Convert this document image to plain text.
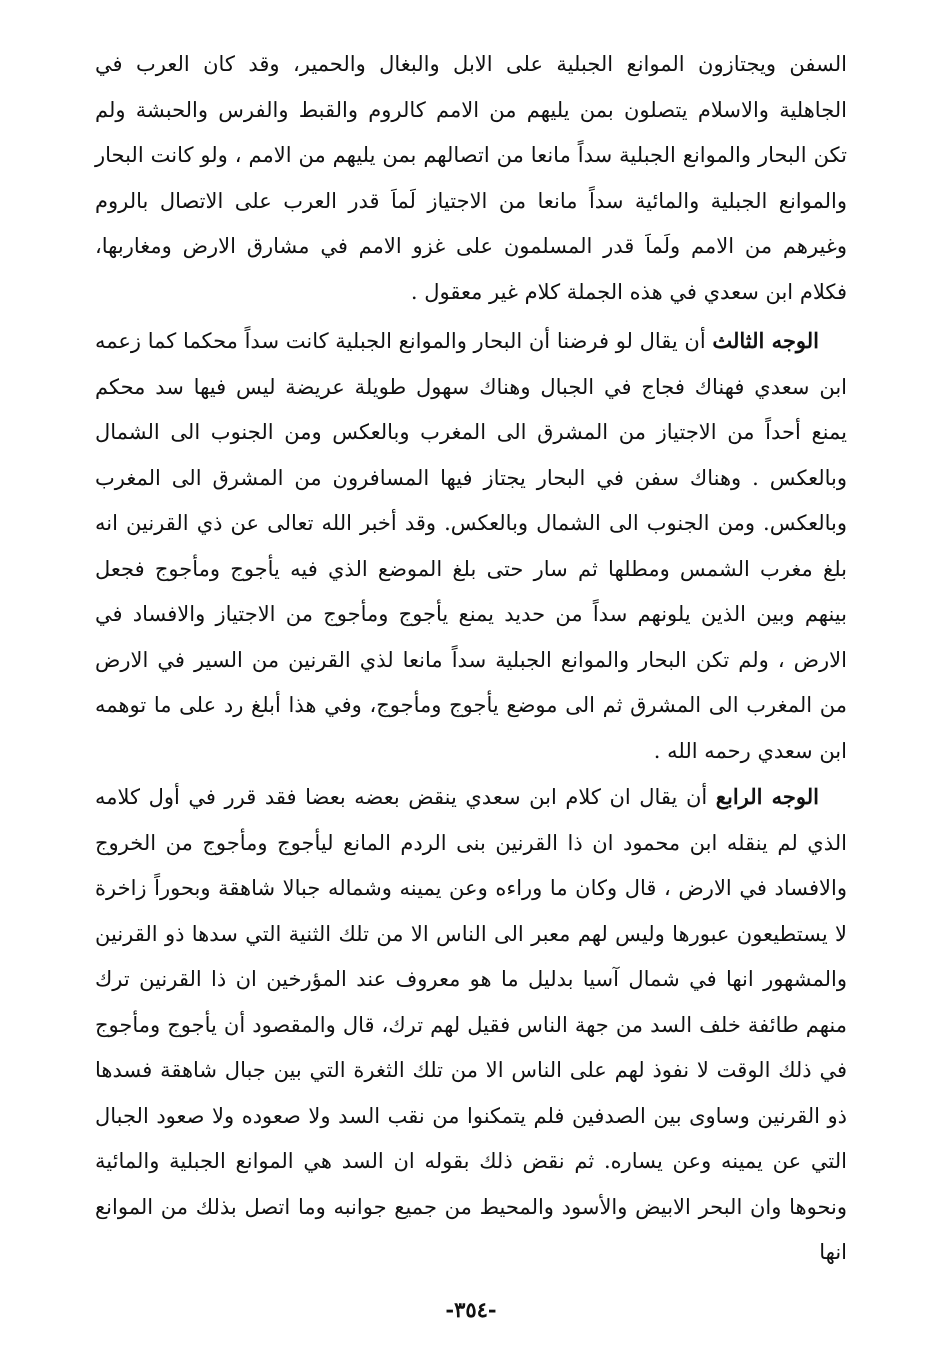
السفن ويجتازون الموانع الجبلية على الابل والبغال والحمير، وقد كان العرب في الجاهلية والاسلام يتصلون بمن يليهم من الامم كالروم والقبط والفرس والحبشة ولم تكن البحار والموانع الجبلية سداً مانعا من اتصالهم بمن يليهم من الامم ، ولو كانت البحار والموانع الجبلية والمائية سداً مانعا من الاجتياز لَماَ قدر العرب على الاتصال بالروم وغيرهم من الامم ولَماَ قدر المسلمون على غزو الامم في مشارق الارض ومغاربها، فكلام ابن سعدي في هذه الجملة كلام غير معقول .

الوجه الثالث أن يقال لو فرضنا أن البحار والموانع الجبلية كانت سداً محكما كما زعمه ابن سعدي فهناك فجاج في الجبال وهناك سهول طويلة عريضة ليس فيها سد محكم يمنع أحداً من الاجتياز من المشرق الى المغرب وبالعكس ومن الجنوب الى الشمال وبالعكس . وهناك سفن في البحار يجتاز فيها المسافرون من المشرق الى المغرب وبالعكس. ومن الجنوب الى الشمال وبالعكس. وقد أخبر الله تعالى عن ذي القرنين انه بلغ مغرب الشمس ومطلها ثم سار حتى بلغ الموضع الذي فيه يأجوج ومأجوج فجعل بينهم وبين الذين يلونهم سداً من حديد يمنع يأجوج ومأجوج من الاجتياز والافساد في الارض ، ولم تكن البحار والموانع الجبلية سداً مانعا لذي القرنين من السير في الارض من المغرب الى المشرق ثم الى موضع يأجوج ومأجوج، وفي هذا أبلغ رد على ما توهمه ابن سعدي رحمه الله .

الوجه الرابع أن يقال ان كلام ابن سعدي ينقض بعضه بعضا فقد قرر في أول كلامه الذي لم ينقله ابن محمود ان ذا القرنين بنى الردم المانع ليأجوج ومأجوج من الخروج والافساد في الارض ، قال وكان ما وراءه وعن يمينه وشماله جبالا شاهقة وبحوراً زاخرة لا يستطيعون عبورها وليس لهم معبر الى الناس الا من تلك الثنية التي سدها ذو القرنين والمشهور انها في شمال آسيا بدليل ما هو معروف عند المؤرخين ان ذا القرنين ترك منهم طائفة خلف السد من جهة الناس فقيل لهم ترك، قال والمقصود أن يأجوج ومأجوج في ذلك الوقت لا نفوذ لهم على الناس الا من تلك الثغرة التي بين جبال شاهقة فسدها ذو القرنين وساوى بين الصدفين فلم يتمكنوا من نقب السد ولا صعوده ولا صعود الجبال التي عن يمينه وعن يساره. ثم نقض ذلك بقوله ان السد هي الموانع الجبلية والمائية ونحوها وان البحر الابيض والأسود والمحيط من جميع جوانبه وما اتصل بذلك من الموانع انها

-٣٥٤-
